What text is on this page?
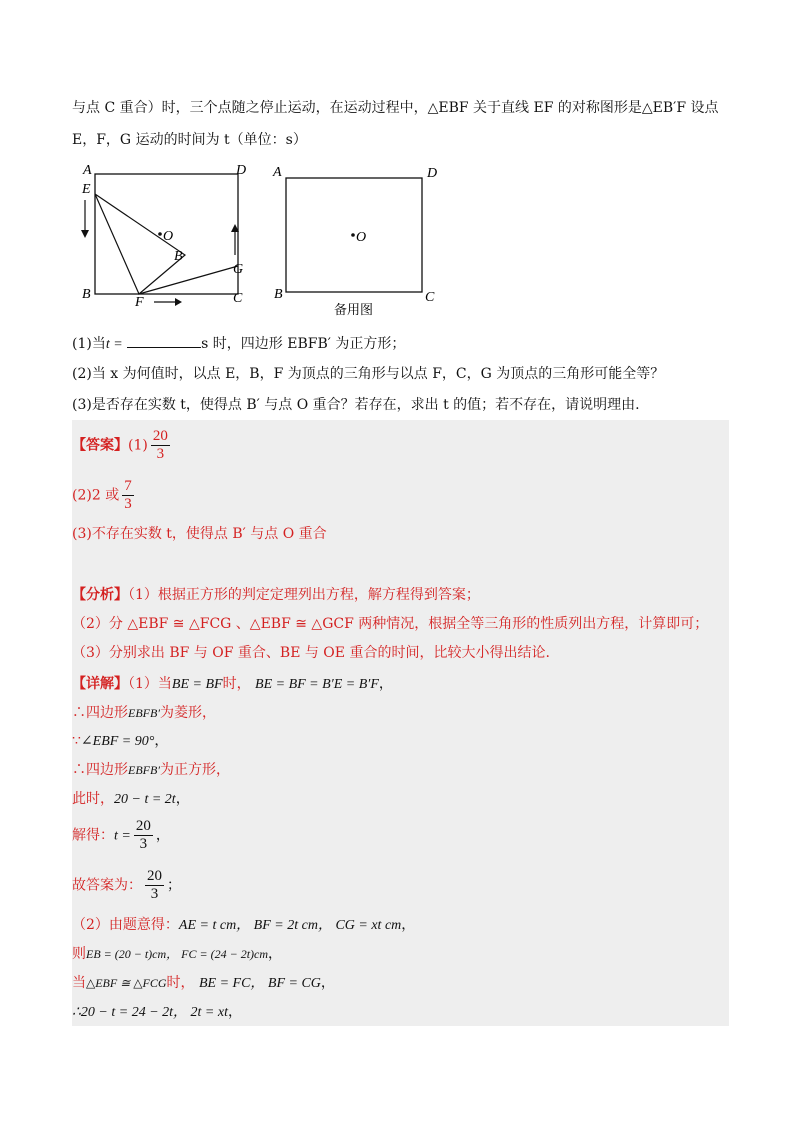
与点 C 重合）时，三个点随之停止运动，在运动过程中，△EBF 关于直线 EF 的对称图形是△EB′F 设点
E，F，G 运动的时间为 t（单位：s）
A	D
E
O
B
G
B
F	C
A	D
O
B	C
备用图
(1)当t =	s 时，四边形 EBFB′ 为正方形；
(2)当 x 为何值时，以点 E，B，F 为顶点的三角形与以点 F，C，G 为顶点的三角形可能全等？
(3)是否存在实数 t，使得点 B′ 与点 O 重合？若存在，求出 t 的值；若不存在，请说明理由.
【答案】$(1) \frac{20}{3}$
(2)2 或 $\frac{7}{3}$
(3)不存在实数 t，使得点 B′ 与点 O 重合
【分析】（1）根据正方形的判定定理列出方程，解方程得到答案；
（2）分 △EBF ≅ △FCG 、△EBF ≅ △GCF 两种情况，根据全等三角形的性质列出方程，计算即可；
（3）分别求出 BF 与 OF 重合、BE 与 OE 重合的时间，比较大小得出结论.
【详解】（1）当BE = BF时， BE = BF = B′E = B′F，
∴四边形EBFB′为菱形，
∵∠EBF = 90°，
∴四边形EBFB′为正方形，
此时，20 − t = 2t，
解得：$t = \frac{20}{3}$ ，
故答案为： $\frac{20}{3}$ ；
（2）由题意得：AE = t cm， BF = 2t cm， CG = xt cm，
则EB = (20 − t)cm， FC = (24 − 2t)cm，
当△EBF ≅ △FCG时， BE = FC， BF = CG，
∴20 − t = 24 − 2t， 2t = xt，
